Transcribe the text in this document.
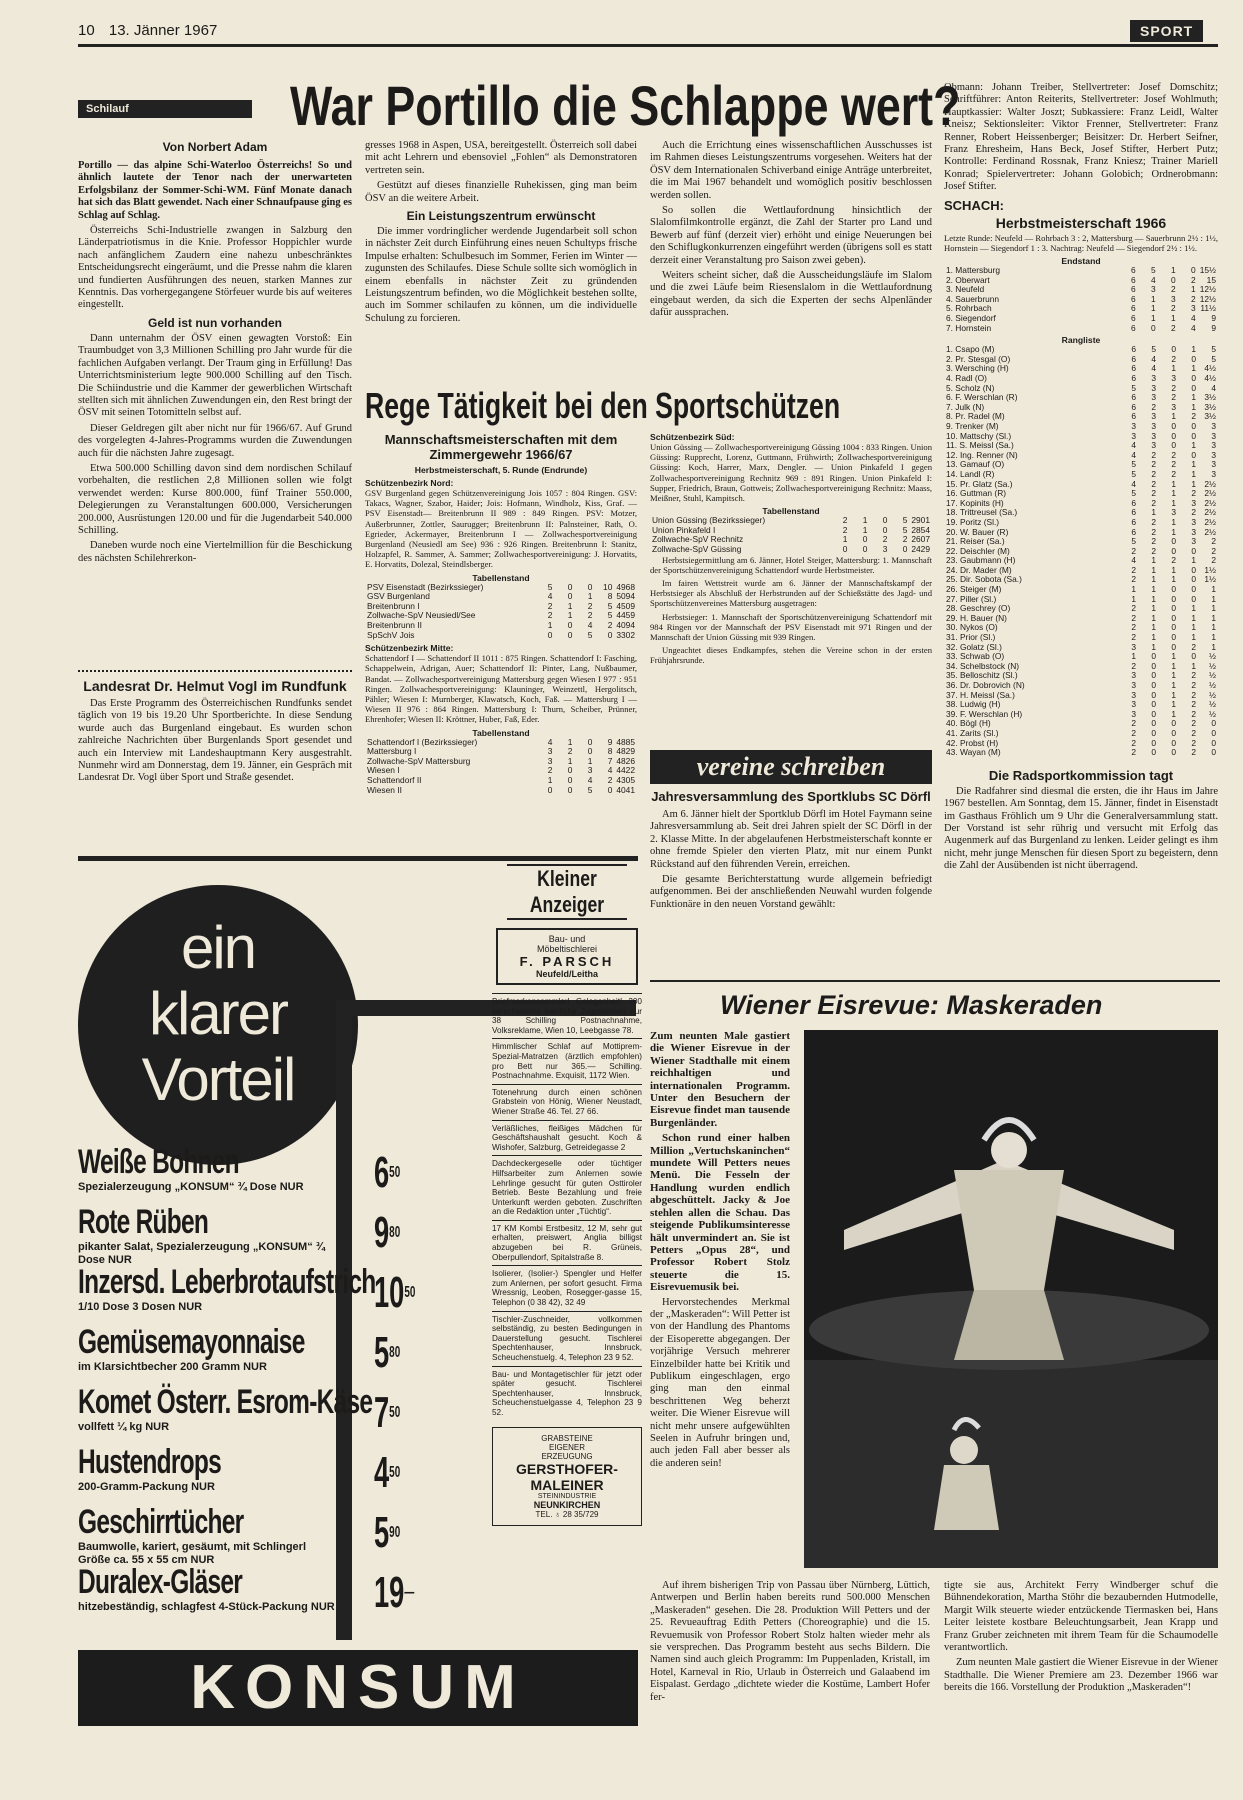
10 13. Jänner 1967	SPORT
Schilauf	War Portillo die Schlappe wert?
Von Norbert Adam

Portillo — das alpine Schi-Waterloo Österreichs! So und ähnlich lautete der Tenor nach der unerwarteten Erfolgsbilanz der Sommer-Schi-WM. Fünf Monate danach hat sich das Blatt gewendet. Nach einer Schnaufpause ging es Schlag auf Schlag.

Österreichs Schi-Industrielle zwangen in Salzburg den Länderpatriotismus in die Knie. Professor Hoppichler wurde nach anfänglichem Zaudern eine nahezu unbeschränktes Entscheidungsrecht eingeräumt, und die Presse nahm die klaren und fundierten Ausführungen des neuen, starken Mannes zur Kenntnis. Das vorhergegangene Störfeuer wurde bis auf weiteres eingestellt.

Geld ist nun vorhanden

Dann unternahm der ÖSV einen gewagten Vorstoß: Ein Traumbudget von 3,3 Millionen Schilling pro Jahr wurde für die fachlichen Aufgaben verlangt. Der Traum ging in Erfüllung! Das Unterrichtsministerium legte 900.000 Schilling auf den Tisch. Die Schiindustrie und die Kammer der gewerblichen Wirtschaft stellten sich mit ähnlichen Zuwendungen ein, den Rest bringt der ÖSV mit seinen Totomitteln selbst auf.

Dieser Geldregen gilt aber nicht nur für 1966/67. Auf Grund des vorgelegten 4-Jahres-Programms wurden die Zuwendungen auch für die nächsten Jahre zugesagt.

Etwa 500.000 Schilling davon sind dem nordischen Schilauf vorbehalten, die restlichen 2,8 Millionen sollen wie folgt verwendet werden: Kurse 800.000, fünf Trainer 550.000, Delegierungen zu Veranstaltungen 600.000, Versicherungen 200.000, Ausrüstungen 120.00 und für die Jugendarbeit 540.000 Schilling.

Daneben wurde noch eine Viertelmillion für die Beschickung des nächsten Schilehrerkon-

gresses 1968 in Aspen, USA, bereitgestellt. Österreich soll dabei mit acht Lehrern und ebensoviel „Fohlen“ als Demonstratoren vertreten sein.

Gestützt auf dieses finanzielle Ruhekissen, ging man beim ÖSV an die weitere Arbeit.

Ein Leistungszentrum erwünscht

Die immer vordringlicher werdende Jugendarbeit soll schon in nächster Zeit durch Einführung eines neuen Schultyps frische Impulse erhalten: Schulbesuch im Sommer, Ferien im Winter — zugunsten des Schilaufes. Diese Schule sollte sich womöglich in einem ebenfalls in nächster Zeit zu gründenden Leistungszentrum befinden, wo die Möglichkeit bestehen sollte, auch im Sommer schilaufen zu können, um die individuelle Schulung zu forcieren.

Auch die Errichtung eines wissenschaftlichen Ausschusses ist im Rahmen dieses Leistungszentrums vorgesehen. Weiters hat der ÖSV dem Internationalen Schiverband einige Anträge unterbreitet, die im Mai 1967 behandelt und womöglich positiv beschlossen werden sollen.

So sollen die Wettlaufordnung hinsichtlich der Slalomfilmkontrolle ergänzt, die Zahl der Starter pro Land und Bewerb auf fünf (derzeit vier) erhöht und einige Neuerungen bei den Schiflugkonkurrenzen eingeführt werden (übrigens soll es statt derzeit einer Veranstaltung pro Saison zwei geben).

Weiters scheint sicher, daß die Ausscheidungsläufe im Slalom und die zwei Läufe beim Riesenslalom in die Wettlaufordnung eingebaut werden, da sich die Experten der sechs Alpenländer dafür aussprachen.

Landesrat Dr. Helmut Vogl im Rundfunk

Das Erste Programm des Österreichischen Rundfunks sendet täglich von 19 bis 19.20 Uhr Sportberichte. In diese Sendung wurde auch das Burgenland eingebaut. Es wurden schon zahlreiche Nachrichten über Burgenlands Sport gesendet und auch ein Interview mit Landeshauptmann Kery ausgestrahlt. Nunmehr wird am Donnerstag, dem 19. Jänner, ein Gespräch mit Landesrat Dr. Vogl über Sport und Straße gesendet.

Obmann: Johann Treiber, Stellvertreter: Josef Domschitz; Schriftführer: Anton Reiterits, Stellvertreter: Josef Wohlmuth; Hauptkassier: Walter Joszt; Subkassiere: Franz Leidl, Walter Kneisz; Sektionsleiter: Viktor Frenner, Stellvertreter: Franz Renner, Robert Heissenberger; Beisitzer: Dr. Herbert Seifner, Franz Ehresheim, Hans Beck, Josef Stifter, Herbert Putz; Kontrolle: Ferdinand Rossnak, Franz Kniesz; Trainer Mariell Konrad; Spielervertreter: Johann Golobich; Ordnerobmann: Josef Stifter.

SCHACH:
Herbstmeisterschaft 1966

Letzte Runde: Neufeld — Rohrbach 3 : 2, Mattersburg — Sauerbrunn 2½ : 1½, Hornstein — Siegendorf 1 : 3. Nachtrag: Neufeld — Siegendorf 2½ : 1½.

Endstand
1. Mattersburg	6	5	1	0	15½
2. Oberwart	6	4	0	2	15
3. Neufeld	6	3	2	1	12½
4. Sauerbrunn	6	1	3	2	12½
5. Rohrbach	6	1	2	3	11½
6. Siegendorf	6	1	1	4	9
7. Hornstein	6	0	2	4	9
Rangliste
1. Csapo (M)	6	5	0	1	5
2. Pr. Stesgal (O)	6	4	2	0	5
3. Wersching (H)	6	4	1	1	4½
4. Radl (O)	6	3	3	0	4½
5. Scholz (N)	5	3	2	0	4
6. F. Werschlan (R)	6	3	2	1	3½
7. Julk (N)	6	2	3	1	3½
8. Pr. Radel (M)	6	3	1	2	3½
9. Trenker (M)	3	3	0	0	3
10. Mattschy (Sl.)	3	3	0	0	3
11. S. Meissl (Sa.)	4	3	0	1	3
12. Ing. Renner (N)	4	2	2	0	3
13. Gamauf (O)	5	2	2	1	3
14. Landl (R)	5	2	2	1	3
15. Pr. Glatz (Sa.)	4	2	1	1	2½
16. Guttman (R)	5	2	1	2	2½
17. Kopinits (H)	6	2	1	3	2½
18. Trittreusel (Sa.)	6	1	3	2	2½
19. Poritz (Sl.)	6	2	1	3	2½
20. W. Bauer (R)	6	2	1	3	2½
21. Reiser (Sa.)	5	2	0	3	2
22. Deischler (M)	2	2	0	0	2
23. Gaubmann (H)	4	1	2	1	2
24. Dr. Mader (M)	2	1	1	0	1½
25. Dir. Sobota (Sa.)	2	1	1	0	1½
26. Steiger (M)	1	1	0	0	1
27. Piller (Sl.)	1	1	0	0	1
28. Geschrey (O)	2	1	0	1	1
29. H. Bauer (N)	2	1	0	1	1
30. Nykos (O)	2	1	0	1	1
31. Prior (Sl.)	2	1	0	1	1
32. Golatz (Sl.)	3	1	0	2	1
33. Schwab (O)	1	0	1	0	½
34. Schelbstock (N)	2	0	1	1	½
35. Belloschitz (Sl.)	3	0	1	2	½
36. Dr. Dobrovich (N)	3	0	1	2	½
37. H. Meissl (Sa.)	3	0	1	2	½
38. Ludwig (H)	3	0	1	2	½
39. F. Werschlan (H)	3	0	1	2	½
40. Bögl (H)	2	0	0	2	0
41. Zarits (Sl.)	2	0	0	2	0
42. Probst (H)	2	0	0	2	0
43. Wayan (M)	2	0	0	2	0
Die Radsportkommission tagt

Die Radfahrer sind diesmal die ersten, die ihr Haus im Jahre 1967 bestellen. Am Sonntag, dem 15. Jänner, findet in Eisenstadt im Gasthaus Fröhlich um 9 Uhr die Generalversammlung statt. Der Vorstand ist sehr rührig und versucht mit Erfolg das Augenmerk auf das Burgenland zu lenken. Leider gelingt es ihm nicht, mehr junge Menschen für diesen Sport zu begeistern, denn die Zahl der Ausübenden ist nicht überragend.

Rege Tätigkeit bei den Sportschützen
Mannschaftsmeisterschaften mit dem Zimmergewehr 1966/67
Herbstmeisterschaft, 5. Runde (Endrunde)
Schützenbezirk Nord:

GSV Burgenland gegen Schützenvereinigung Jois 1057 : 804 Ringen. GSV: Takacs, Wagner, Szabor, Haider; Jois: Hofmann, Windholz, Kiss, Graf. — PSV Eisenstadt— Breitenbrunn II 989 : 849 Ringen. PSV: Motzer, Außerbrunner, Zottler, Saurugger; Breitenbrunn II: Palnsteiner, Rath, O. Egrieder, Ackermayer, Breitenbrunn I — Zollwachesportvereinigung Burgenland (Neusiedl am See) 936 : 926 Ringen. Breitenbrunn I: Stanitz, Holzapfel, R. Sammer, A. Sammer; Zollwachesportvereinigung: J. Horvatits, E. Horvatits, Dolezal, Steindlsberger.

Tabellenstand
PSV Eisenstadt (Bezirkssieger)	5	0	0	10	4968
GSV Burgenland	4	0	1	8	5094
Breitenbrunn I	2	1	2	5	4509
Zollwache-SpV Neusiedl/See	2	1	2	5	4459
Breitenbrunn II	1	0	4	2	4094
SpSchV Jois	0	0	5	0	3302
Schützenbezirk Mitte:

Schattendorf I — Schattendorf II 1011 : 875 Ringen. Schattendorf I: Fasching, Schappelwein, Adrigan, Auer; Schattendorf II: Pinter, Lang, Nußbaumer, Bandat. — Zollwachesportvereinigung Mattersburg gegen Wiesen I 977 : 951 Ringen. Zollwachesportvereinigung: Klauninger, Weinzettl, Hergolitsch, Pähler; Wiesen I: Murnberger, Klawatsch, Koch, Faß. — Mattersburg I — Wiesen II 976 : 864 Ringen. Mattersburg I: Thurn, Scheiber, Prünner, Ehrenhofer; Wiesen II: Kröttner, Huber, Faß, Eder.

Tabellenstand
Schattendorf I (Bezirkssieger)	4	1	0	9	4885
Mattersburg I	3	2	0	8	4829
Zollwache-SpV Mattersburg	3	1	1	7	4826
Wiesen I	2	0	3	4	4422
Schattendorf II	1	0	4	2	4305
Wiesen II	0	0	5	0	4041
Schützenbezirk Süd:

Union Güssing — Zollwachesportvereinigung Güssing 1004 : 833 Ringen. Union Güssing: Rupprecht, Lorenz, Guttmann, Frühwirth; Zollwachesportvereinigung Güssing: Koch, Harrer, Marx, Dengler. — Union Pinkafeld I gegen Zollwachesportvereinigung Rechnitz 969 : 891 Ringen. Union Pinkafeld I: Supper, Friedrich, Braun, Gottweis; Zollwachesportvereinigung Rechnitz: Maass, Meißner, Stuhl, Kampitsch.

Tabellenstand
Union Güssing (Bezirkssieger)	2	1	0	5	2901
Union Pinkafeld I	2	1	0	5	2854
Zollwache-SpV Rechnitz	1	0	2	2	2607
Zollwache-SpV Güssing	0	0	3	0	2429

Herbstsiegermittlung am 6. Jänner, Hotel Steiger, Mattersburg: 1. Mannschaft der Sportschützenvereinigung Schattendorf wurde Herbstmeister.

Im fairen Wettstreit wurde am 6. Jänner der Mannschaftskampf der Herbstsieger als Abschluß der Herbstrunden auf der Schießstätte des Jagd- und Sportschützenvereines Mattersburg ausgetragen:

Herbstsieger: 1. Mannschaft der Sportschützenvereinigung Schattendorf mit 984 Ringen vor der Mannschaft der PSV Eisenstadt mit 971 Ringen und der Mannschaft der Union Güssing mit 939 Ringen.

Ungeachtet dieses Endkampfes, stehen die Vereine schon in der ersten Frühjahrsrunde.

vereine schreiben
Jahresversammlung des Sportklubs SC Dörfl

Am 6. Jänner hielt der Sportklub Dörfl im Hotel Faymann seine Jahresversammlung ab. Seit drei Jahren spielt der SC Dörfl in der 2. Klasse Mitte. In der abgelaufenen Herbstmeisterschaft konnte er ohne fremde Spieler den vierten Platz, mit nur einem Punkt Rückstand auf den führenden Verein, erreichen.

Die gesamte Berichterstattung wurde allgemein befriedigt aufgenommen. Bei der anschließenden Neuwahl wurden folgende Funktionäre in den neuen Vorstand gewählt:

ein
klarer
Vorteil
Weiße Bohnen
Spezialerzeugung „KONSUM“ ¾ Dose NUR	$6^{50}$
Rote Rüben
pikanter Salat, Spezialerzeugung „KONSUM“ ¾ Dose NUR
$9^{80}$
Inzersd. Leberbrotaufstrich
1/10 Dose 3 Dosen NUR	$10^{50}$
Gemüsemayonnaise
im Klarsichtbecher 200 Gramm NUR	$5^{80}$
Komet Österr. Esrom-Käse
vollfett ¼ kg NUR	$7^{50}$
Hustendrops
200-Gramm-Packung NUR	$4^{50}$
Geschirrtücher
Baumwolle, kariert, gesäumt, mit Schlingerl Größe ca. 55 x 55 cm NUR
$5^{90}$
Duralex-Gläser
hitzebeständig, schlagfest 4-Stück-Packung NUR 19—
KONSUM
Kleiner Anzeiger
Bau- und
Möbeltischlerei
F. PARSCH
Neufeld/Leitha
Briefmarkensammler! Gelegenheit! 200 verschiedene herrliche Jugoslawien nur 38 Schilling Postnachnahme, Volksreklame, Wien 10, Leebgasse 78.
Himmlischer Schlaf auf Mottiprem-Spezial-Matratzen (ärztlich empfohlen) pro Bett nur 365.— Schilling. Postnachnahme. Exquisit, 1172 Wien.
Totenehrung durch einen schönen Grabstein von Hönig, Wiener Neustadt, Wiener Straße 46. Tel. 27 66.
Verläßliches, fleißiges Mädchen für Geschäftshaushalt gesucht. Koch & Wishofer, Salzburg, Getreidegasse 2
Dachdeckergeselle oder tüchtiger Hilfsarbeiter zum Anlernen sowie Lehrlinge gesucht für guten Osttiroler Betrieb. Beste Bezahlung und freie Unterkunft werden geboten. Zuschriften an die Redaktion unter „Tüchtig“.
17 KM Kombi Erstbesitz, 12 M, sehr gut erhalten, preiswert, Anglia billigst abzugeben bei R. Grüneis, Oberpullendorf, Spitalstraße 8.
Isolierer, (Isolier-) Spengler und Helfer zum Anlernen, per sofort gesucht. Firma Wressnig, Leoben, Rosegger-gasse 15, Telephon (0 38 42), 32 49
Tischler-Zuschneider, vollkommen selbständig, zu besten Bedingungen in Dauerstellung gesucht. Tischlerei Spechtenhauser, Innsbruck, Scheuchenstuelg. 4, Telephon 23 9 52.
Bau- und Montagetischler für jetzt oder später gesucht. Tischlerei Spechtenhauser, Innsbruck, Scheuchenstuelgasse 4, Telephon 23 9 52.
GRABSTEINE
EIGENER
ERZEUGUNG
GERSTHOFER-
MALEINER
STEININDUSTRIE
NEUNKIRCHEN
TEL. ♁ 28 35/729
Wiener Eisrevue: Maskeraden

Zum neunten Male gastiert die Wiener Eisrevue in der Wiener Stadthalle mit einem reichhaltigen und internationalen Programm. Unter den Besuchern der Eisrevue findet man tausende Burgenländer.

Schon rund einer halben Million „Vertuchskaninchen“ mundete Will Petters neues Menü. Die Fesseln der Handlung wurden endlich abgeschüttelt. Jacky & Joe stehlen allen die Schau. Das steigende Publikumsinteresse hält unvermindert an. Sie ist Petters „Opus 28“, und Professor Robert Stolz steuerte die 15. Eisrevuemusik bei.

Hervorstechendes Merkmal der „Maskeraden“: Will Petter ist von der Handlung des Phantoms der Eisoperette abgegangen. Der vorjährige Versuch mehrerer Einzelbilder hatte bei Kritik und Publikum eingeschlagen, ergo ging man den einmal beschrittenen Weg beherzt weiter. Die Wiener Eisrevue will nicht mehr unsere aufgewühlten Seelen in Aufruhr bringen und, auch jeden Fall aber besser als die anderen sein!

Auf ihrem bisherigen Trip von Passau über Nürnberg, Lüttich, Antwerpen und Berlin haben bereits rund 500.000 Menschen „Maskeraden“ gesehen. Die 28. Produktion Will Petters und der 25. Revueauftrag Edith Petters (Choreographie) und die 15. Revuemusik von Professor Robert Stolz halten wieder mehr als sie versprechen. Das Programm besteht aus sechs Bildern. Die Namen sind auch gleich Programm: Im Puppenladen, Kristall, im Hotel, Karneval in Rio, Urlaub in Österreich und Galaabend im Eispalast. Gerdago „dichtete wieder die Kostüme, Lambert Hofer fer-

tigte sie aus, Architekt Ferry Windberger schuf die Bühnendekoration, Martha Stöhr die bezaubernden Hutmodelle, Margit Wilk steuerte wieder entzückende Tiermasken bei, Hans Leiter leistete kostbare Beleuchtungsarbeit, Jean Krapp und Franz Gruber zeichneten mit ihrem Team für die Schaumodelle verantwortlich.

Zum neunten Male gastiert die Wiener Eisrevue in der Wiener Stadthalle. Die Wiener Premiere am 23. Dezember 1966 war bereits die 166. Vorstellung der Produktion „Maskeraden“!
